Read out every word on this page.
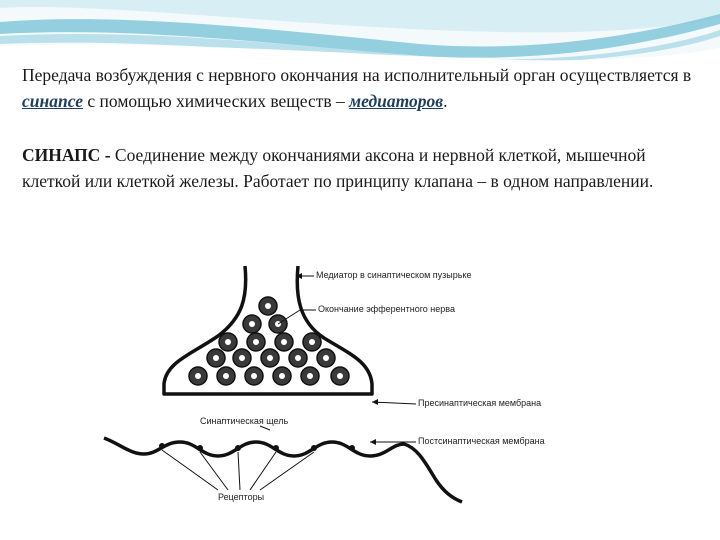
Передача возбуждения с нервного окончания на исполнительный орган осуществляется в синапсе с помощью химических веществ – медиаторов.

СИНАПС - Соединение между окончаниями аксона и нервной клеткой, мышечной клеткой или клеткой железы. Работает по принципу клапана – в одном направлении.

Медиатор в синаптическом пузырьке
Окончание эфферентного нерва
Пресинаптическая мембрана
Синаптическая щель
Постсинаптическая мембрана
Рецепторы
